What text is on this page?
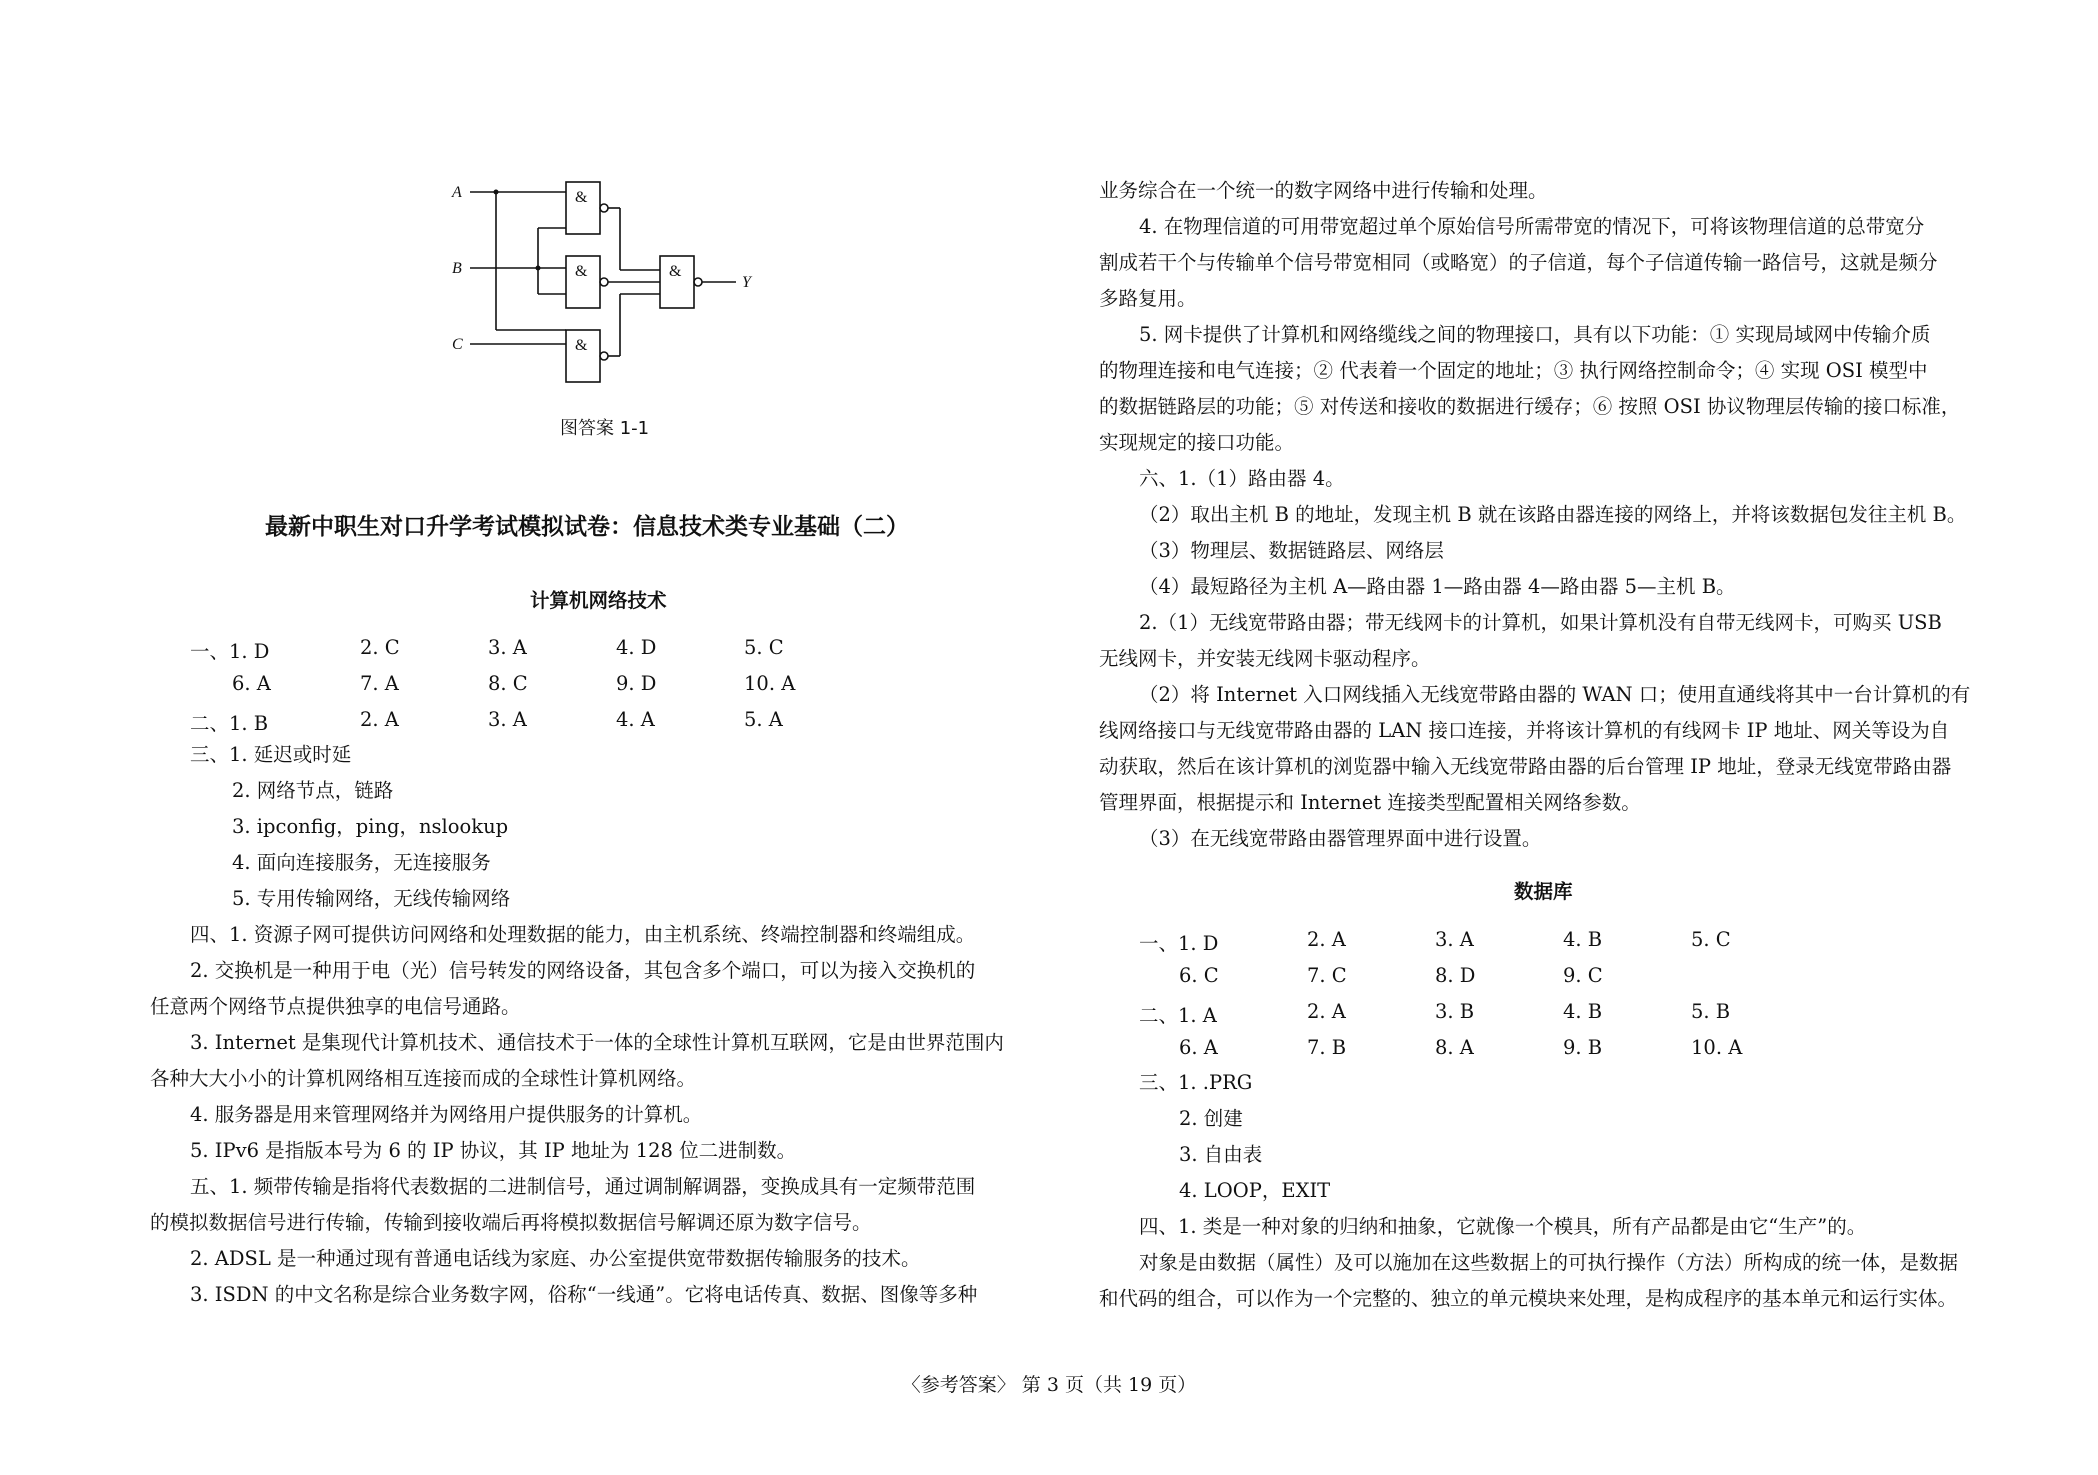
A
B
C
Y
&
&
&
&
图答案 1-1
最新中职生对口升学考试模拟试卷：信息技术类专业基础（二）
计算机网络技术
一、1. D	2. C	3. A	4. D	5. C
6. A	7. A	8. C	9. D	10. A
二、1. B	2. A	3. A	4. A	5. A
三、1. 延迟或时延
2. 网络节点，链路
3. ipconfig，ping，nslookup
4. 面向连接服务，无连接服务
5. 专用传输网络，无线传输网络
四、1. 资源子网可提供访问网络和处理数据的能力，由主机系统、终端控制器和终端组成。
2. 交换机是一种用于电（光）信号转发的网络设备，其包含多个端口，可以为接入交换机的
任意两个网络节点提供独享的电信号通路。
3. Internet 是集现代计算机技术、通信技术于一体的全球性计算机互联网，它是由世界范围内
各种大大小小的计算机网络相互连接而成的全球性计算机网络。
4. 服务器是用来管理网络并为网络用户提供服务的计算机。
5. IPv6 是指版本号为 6 的 IP 协议，其 IP 地址为 128 位二进制数。
五、1. 频带传输是指将代表数据的二进制信号，通过调制解调器，变换成具有一定频带范围
的模拟数据信号进行传输，传输到接收端后再将模拟数据信号解调还原为数字信号。
2. ADSL 是一种通过现有普通电话线为家庭、办公室提供宽带数据传输服务的技术。
3. ISDN 的中文名称是综合业务数字网，俗称“一线通”。它将电话传真、数据、图像等多种
业务综合在一个统一的数字网络中进行传输和处理。
4. 在物理信道的可用带宽超过单个原始信号所需带宽的情况下，可将该物理信道的总带宽分
割成若干个与传输单个信号带宽相同（或略宽）的子信道，每个子信道传输一路信号，这就是频分
多路复用。
5. 网卡提供了计算机和网络缆线之间的物理接口，具有以下功能：① 实现局域网中传输介质
的物理连接和电气连接；② 代表着一个固定的地址；③ 执行网络控制命令；④ 实现 OSI 模型中
的数据链路层的功能；⑤ 对传送和接收的数据进行缓存；⑥ 按照 OSI 协议物理层传输的接口标准，
实现规定的接口功能。
六、1.（1）路由器 4。
（2）取出主机 B 的地址，发现主机 B 就在该路由器连接的网络上，并将该数据包发往主机 B。
（3）物理层、数据链路层、网络层
（4）最短路径为主机 A—路由器 1—路由器 4—路由器 5—主机 B。
2.（1）无线宽带路由器；带无线网卡的计算机，如果计算机没有自带无线网卡，可购买 USB
无线网卡，并安装无线网卡驱动程序。
（2）将 Internet 入口网线插入无线宽带路由器的 WAN 口；使用直通线将其中一台计算机的有
线网络接口与无线宽带路由器的 LAN 接口连接，并将该计算机的有线网卡 IP 地址、网关等设为自
动获取，然后在该计算机的浏览器中输入无线宽带路由器的后台管理 IP 地址，登录无线宽带路由器
管理界面，根据提示和 Internet 连接类型配置相关网络参数。
（3）在无线宽带路由器管理界面中进行设置。
数据库
一、1. D	2. A	3. A	4. B	5. C
6. C	7. C	8. D	9. C
二、1. A	2. A	3. B	4. B	5. B
6. A	7. B	8. A	9. B	10. A
三、1. .PRG
2. 创建
3. 自由表
4. LOOP，EXIT
四、1. 类是一种对象的归纳和抽象，它就像一个模具，所有产品都是由它“生产”的。
对象是由数据（属性）及可以施加在这些数据上的可执行操作（方法）所构成的统一体，是数据
和代码的组合，可以作为一个完整的、独立的单元模块来处理，是构成程序的基本单元和运行实体。
〈参考答案〉 第 3 页（共 19 页）
